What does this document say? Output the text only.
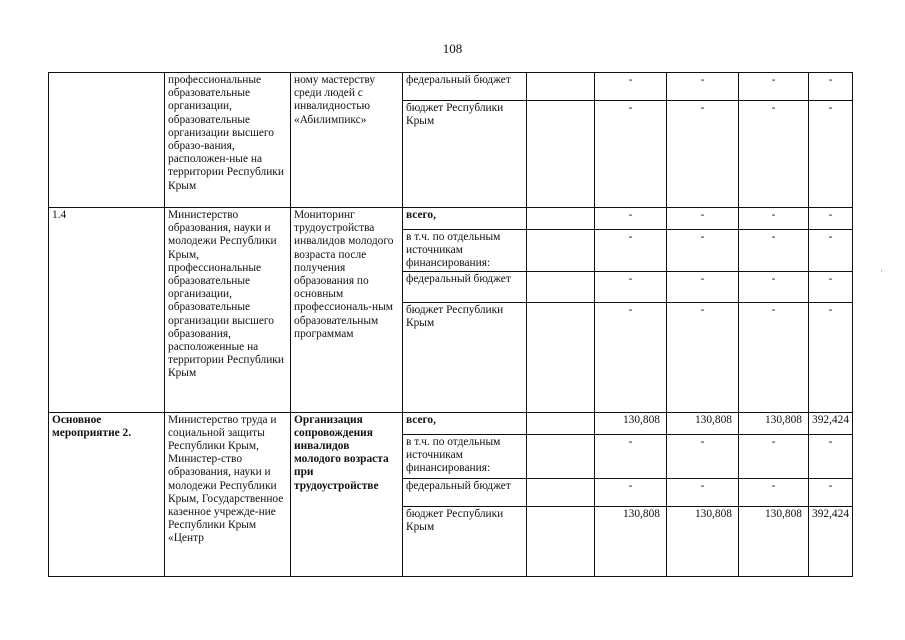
108
	профессиональные образовательные организации, образовательные организации высшего образо-вания, расположен-ные на территории Республики Крым	ному мастерству среди людей с инвалидностью «Абилимпикс»	федеральный бюджет		-	-	-	-
			бюджет Республики Крым		-	-	-	-
1.4	Министерство образования, науки и молодежи Республики Крым, профессиональные образовательные организации, образовательные организации высшего образования, расположенные на территории Республики Крым	Мониторинг трудоустройства инвалидов молодого возраста после получения образования по основным профессиональ-ным образовательным программам	всего,		-	-	-	-
			в т.ч. по отдельным источникам финансирования:		-	-	-	-
			федеральный бюджет		-	-	-	-
			бюджет Республики Крым		-	-	-	-
Основное мероприятие 2.	Министерство труда и социальной защиты Республики Крым, Министер-ство образования, науки и молодежи Республики Крым, Государственное казенное учрежде-ние Республики Крым «Центр	Организация сопровождения инвалидов молодого возраста при трудоустройстве	всего,		130,808	130,808	130,808	392,424
			в т.ч. по отдельным источникам финансирования:		-	-	-	-
			федеральный бюджет		-	-	-	-
			бюджет Республики Крым		130,808	130,808	130,808	392,424
·
